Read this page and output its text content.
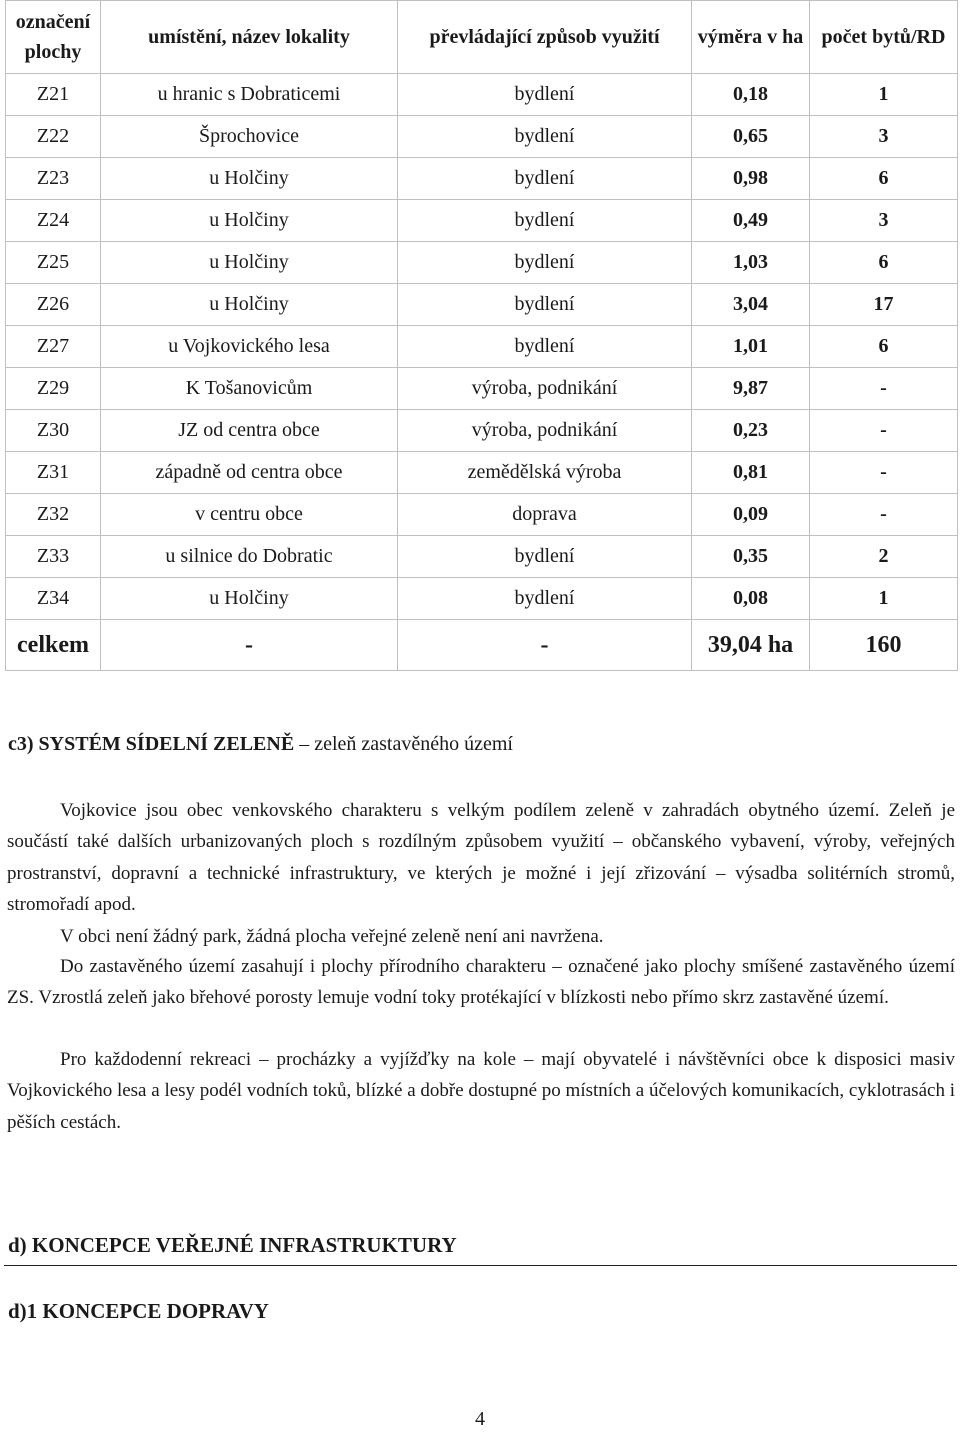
označení plochy	umístění, název lokality	převládající způsob využití	výměra v ha	počet bytů/RD
Z21	u hranic s Dobraticemi	bydlení	0,18	1
Z22	Šprochovice	bydlení	0,65	3
Z23	u Holčiny	bydlení	0,98	6
Z24	u Holčiny	bydlení	0,49	3
Z25	u Holčiny	bydlení	1,03	6
Z26	u Holčiny	bydlení	3,04	17
Z27	u Vojkovického lesa	bydlení	1,01	6
Z29	K Tošanovicům	výroba, podnikání	9,87	-
Z30	JZ od centra obce	výroba, podnikání	0,23	-
Z31	západně od centra obce	zemědělská výroba	0,81	-
Z32	v centru obce	doprava	0,09	-
Z33	u silnice do Dobratic	bydlení	0,35	2
Z34	u Holčiny	bydlení	0,08	1
celkem	-	-	39,04 ha	160
c3) SYSTÉM SÍDELNÍ ZELENĚ – zeleň zastavěného území

Vojkovice jsou obec venkovského charakteru s velkým podílem zeleně v zahradách obytného území. Zeleň je součástí také dalších urbanizovaných ploch s rozdílným způsobem využití – občanského vybavení, výroby, veřejných prostranství, dopravní a technické infrastruktury, ve kterých je možné i její zřizování – výsadba solitérních stromů, stromořadí apod.

V obci není žádný park, žádná plocha veřejné zeleně není ani navržena.

Do zastavěného území zasahují i plochy přírodního charakteru – označené jako plochy smíšené zastavěného území ZS. Vzrostlá zeleň jako břehové porosty lemuje vodní toky protékající v blízkosti nebo přímo skrz zastavěné území.

Pro každodenní rekreaci – procházky a vyjížďky na kole – mají obyvatelé i návštěvníci obce k disposici masiv Vojkovického lesa a lesy podél vodních toků, blízké a dobře dostupné po místních a účelových komunikacích, cyklotrasách i pěších cestách.

d) KONCEPCE VEŘEJNÉ INFRASTRUKTURY
d)1 KONCEPCE DOPRAVY
4
